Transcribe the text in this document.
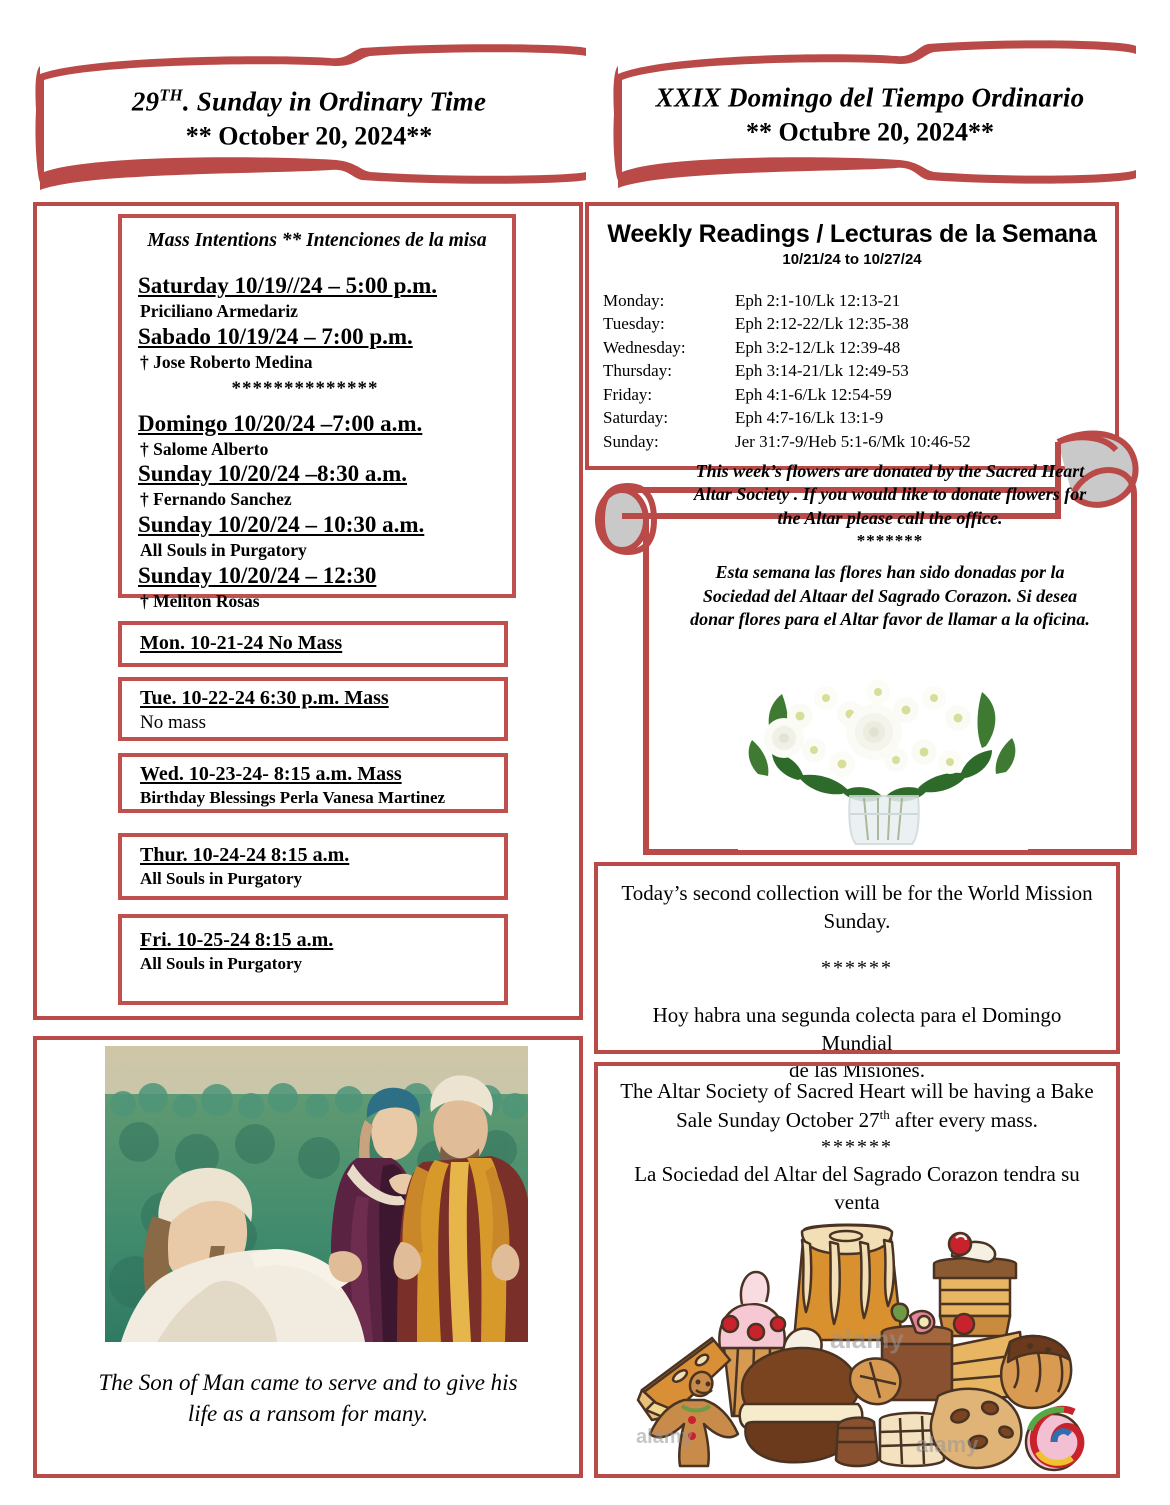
29TH. Sunday in Ordinary Time
** October 20, 2024**
XXIX Domingo del Tiempo Ordinario
** Octubre 20, 2024**
Mass Intentions ** Intenciones de la misa
Saturday 10/19//24 – 5:00 p.m.
Priciliano Armedariz
Sabado 10/19/24 – 7:00 p.m.
† Jose Roberto Medina
**************
Domingo 10/20/24 –7:00 a.m.
† Salome Alberto
Sunday 10/20/24 –8:30 a.m.
† Fernando Sanchez
Sunday 10/20/24 – 10:30 a.m.
All Souls in Purgatory
Sunday 10/20/24 – 12:30
† Meliton Rosas
Mon. 10-21-24 No Mass
Tue. 10-22-24 6:30 p.m. Mass
No mass
Wed. 10-23-24- 8:15 a.m. Mass
Birthday Blessings Perla Vanesa Martinez
Thur. 10-24-24 8:15 a.m.
All Souls in Purgatory
Fri. 10-25-24 8:15 a.m.
All Souls in Purgatory
The Son of Man came to serve and to give his
life as a ransom for many.
Weekly Readings / Lecturas de la Semana
10/21/24 to 10/27/24
Monday:	Eph 2:1-10/Lk 12:13-21
Tuesday:	Eph 2:12-22/Lk 12:35-38
Wednesday:	Eph 3:2-12/Lk 12:39-48
Thursday:	Eph 3:14-21/Lk 12:49-53
Friday:	Eph 4:1-6/Lk 12:54-59
Saturday:	Eph 4:7-16/Lk 13:1-9
Sunday:	Jer 31:7-9/Heb 5:1-6/Mk 10:46-52
This week’s flowers are donated by the Sacred Heart
Altar Society . If you would like to donate flowers for
the Altar please call the office.
*******
Esta semana las flores han sido donadas por la
Sociedad del Altaar del Sagrado Corazon. Si desea
donar flores para el Altar favor de llamar a la oficina.
Today’s second collection will be for the World Mission
Sunday.
******
Hoy habra una segunda colecta para el Domingo Mundial
de las Misiones.
The Altar Society of Sacred Heart will be having a Bake
Sale Sunday October 27th after every mass.
******
La Sociedad del Altar del Sagrado Corazon tendra su venta
alamy
alamy
alamy
